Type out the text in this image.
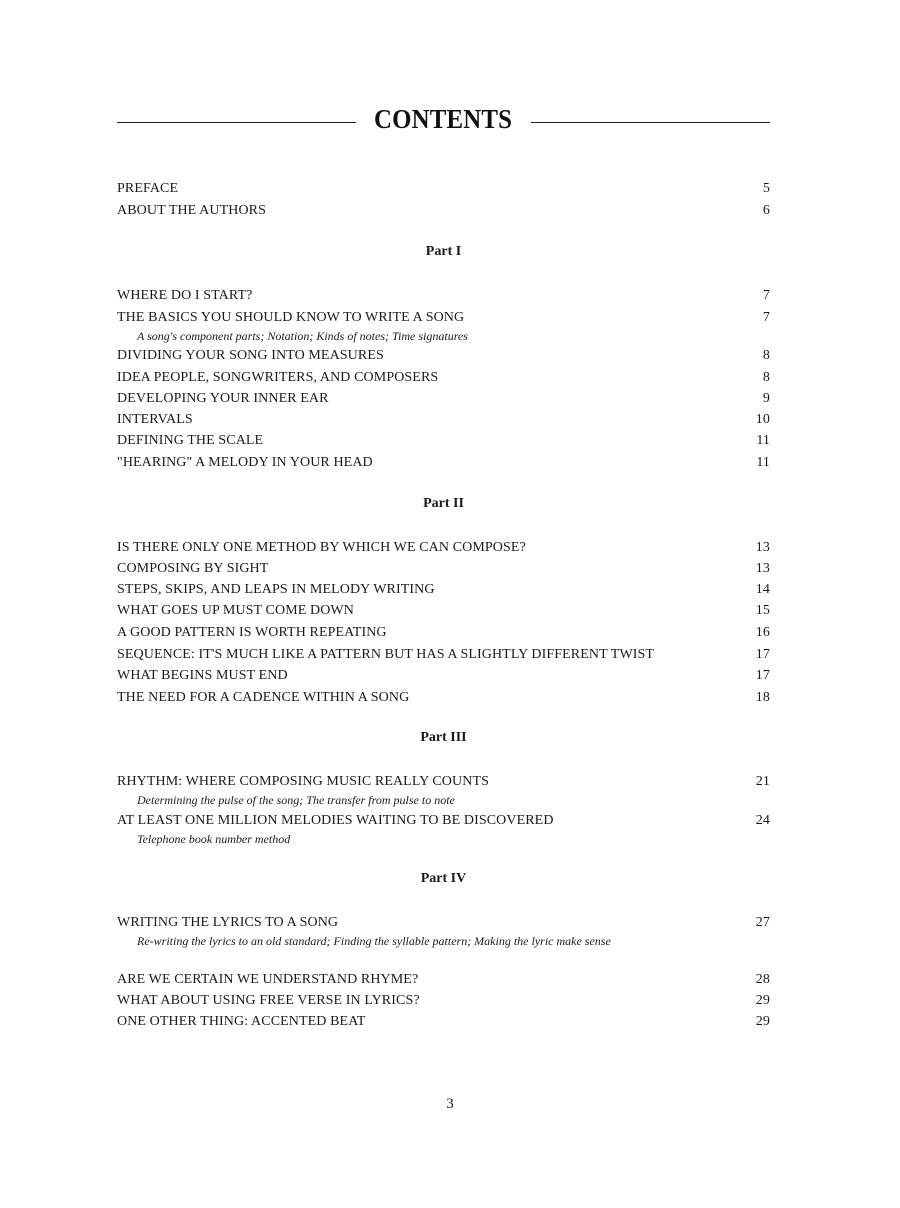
CONTENTS
PREFACE	5
ABOUT THE AUTHORS	6
Part I
WHERE DO I START?	7
THE BASICS YOU SHOULD KNOW TO WRITE A SONG	7
A song's component parts; Notation; Kinds of notes; Time signatures
DIVIDING YOUR SONG INTO MEASURES	8
IDEA PEOPLE, SONGWRITERS, AND COMPOSERS	8
DEVELOPING YOUR INNER EAR	9
INTERVALS	10
DEFINING THE SCALE	11
"HEARING" A MELODY IN YOUR HEAD	11
Part II
IS THERE ONLY ONE METHOD BY WHICH WE CAN COMPOSE?	13
COMPOSING BY SIGHT	13
STEPS, SKIPS, AND LEAPS IN MELODY WRITING	14
WHAT GOES UP MUST COME DOWN	15
A GOOD PATTERN IS WORTH REPEATING	16
SEQUENCE: IT'S MUCH LIKE A PATTERN BUT HAS A SLIGHTLY DIFFERENT TWIST	17
WHAT BEGINS MUST END	17
THE NEED FOR A CADENCE WITHIN A SONG	18
Part III
RHYTHM: WHERE COMPOSING MUSIC REALLY COUNTS	21
Determining the pulse of the song; The transfer from pulse to note
AT LEAST ONE MILLION MELODIES WAITING TO BE DISCOVERED	24
Telephone book number method
Part IV
WRITING THE LYRICS TO A SONG	27
Re-writing the lyrics to an old standard; Finding the syllable pattern; Making the lyric make sense
ARE WE CERTAIN WE UNDERSTAND RHYME?	28
WHAT ABOUT USING FREE VERSE IN LYRICS?	29
ONE OTHER THING: ACCENTED BEAT	29
3
